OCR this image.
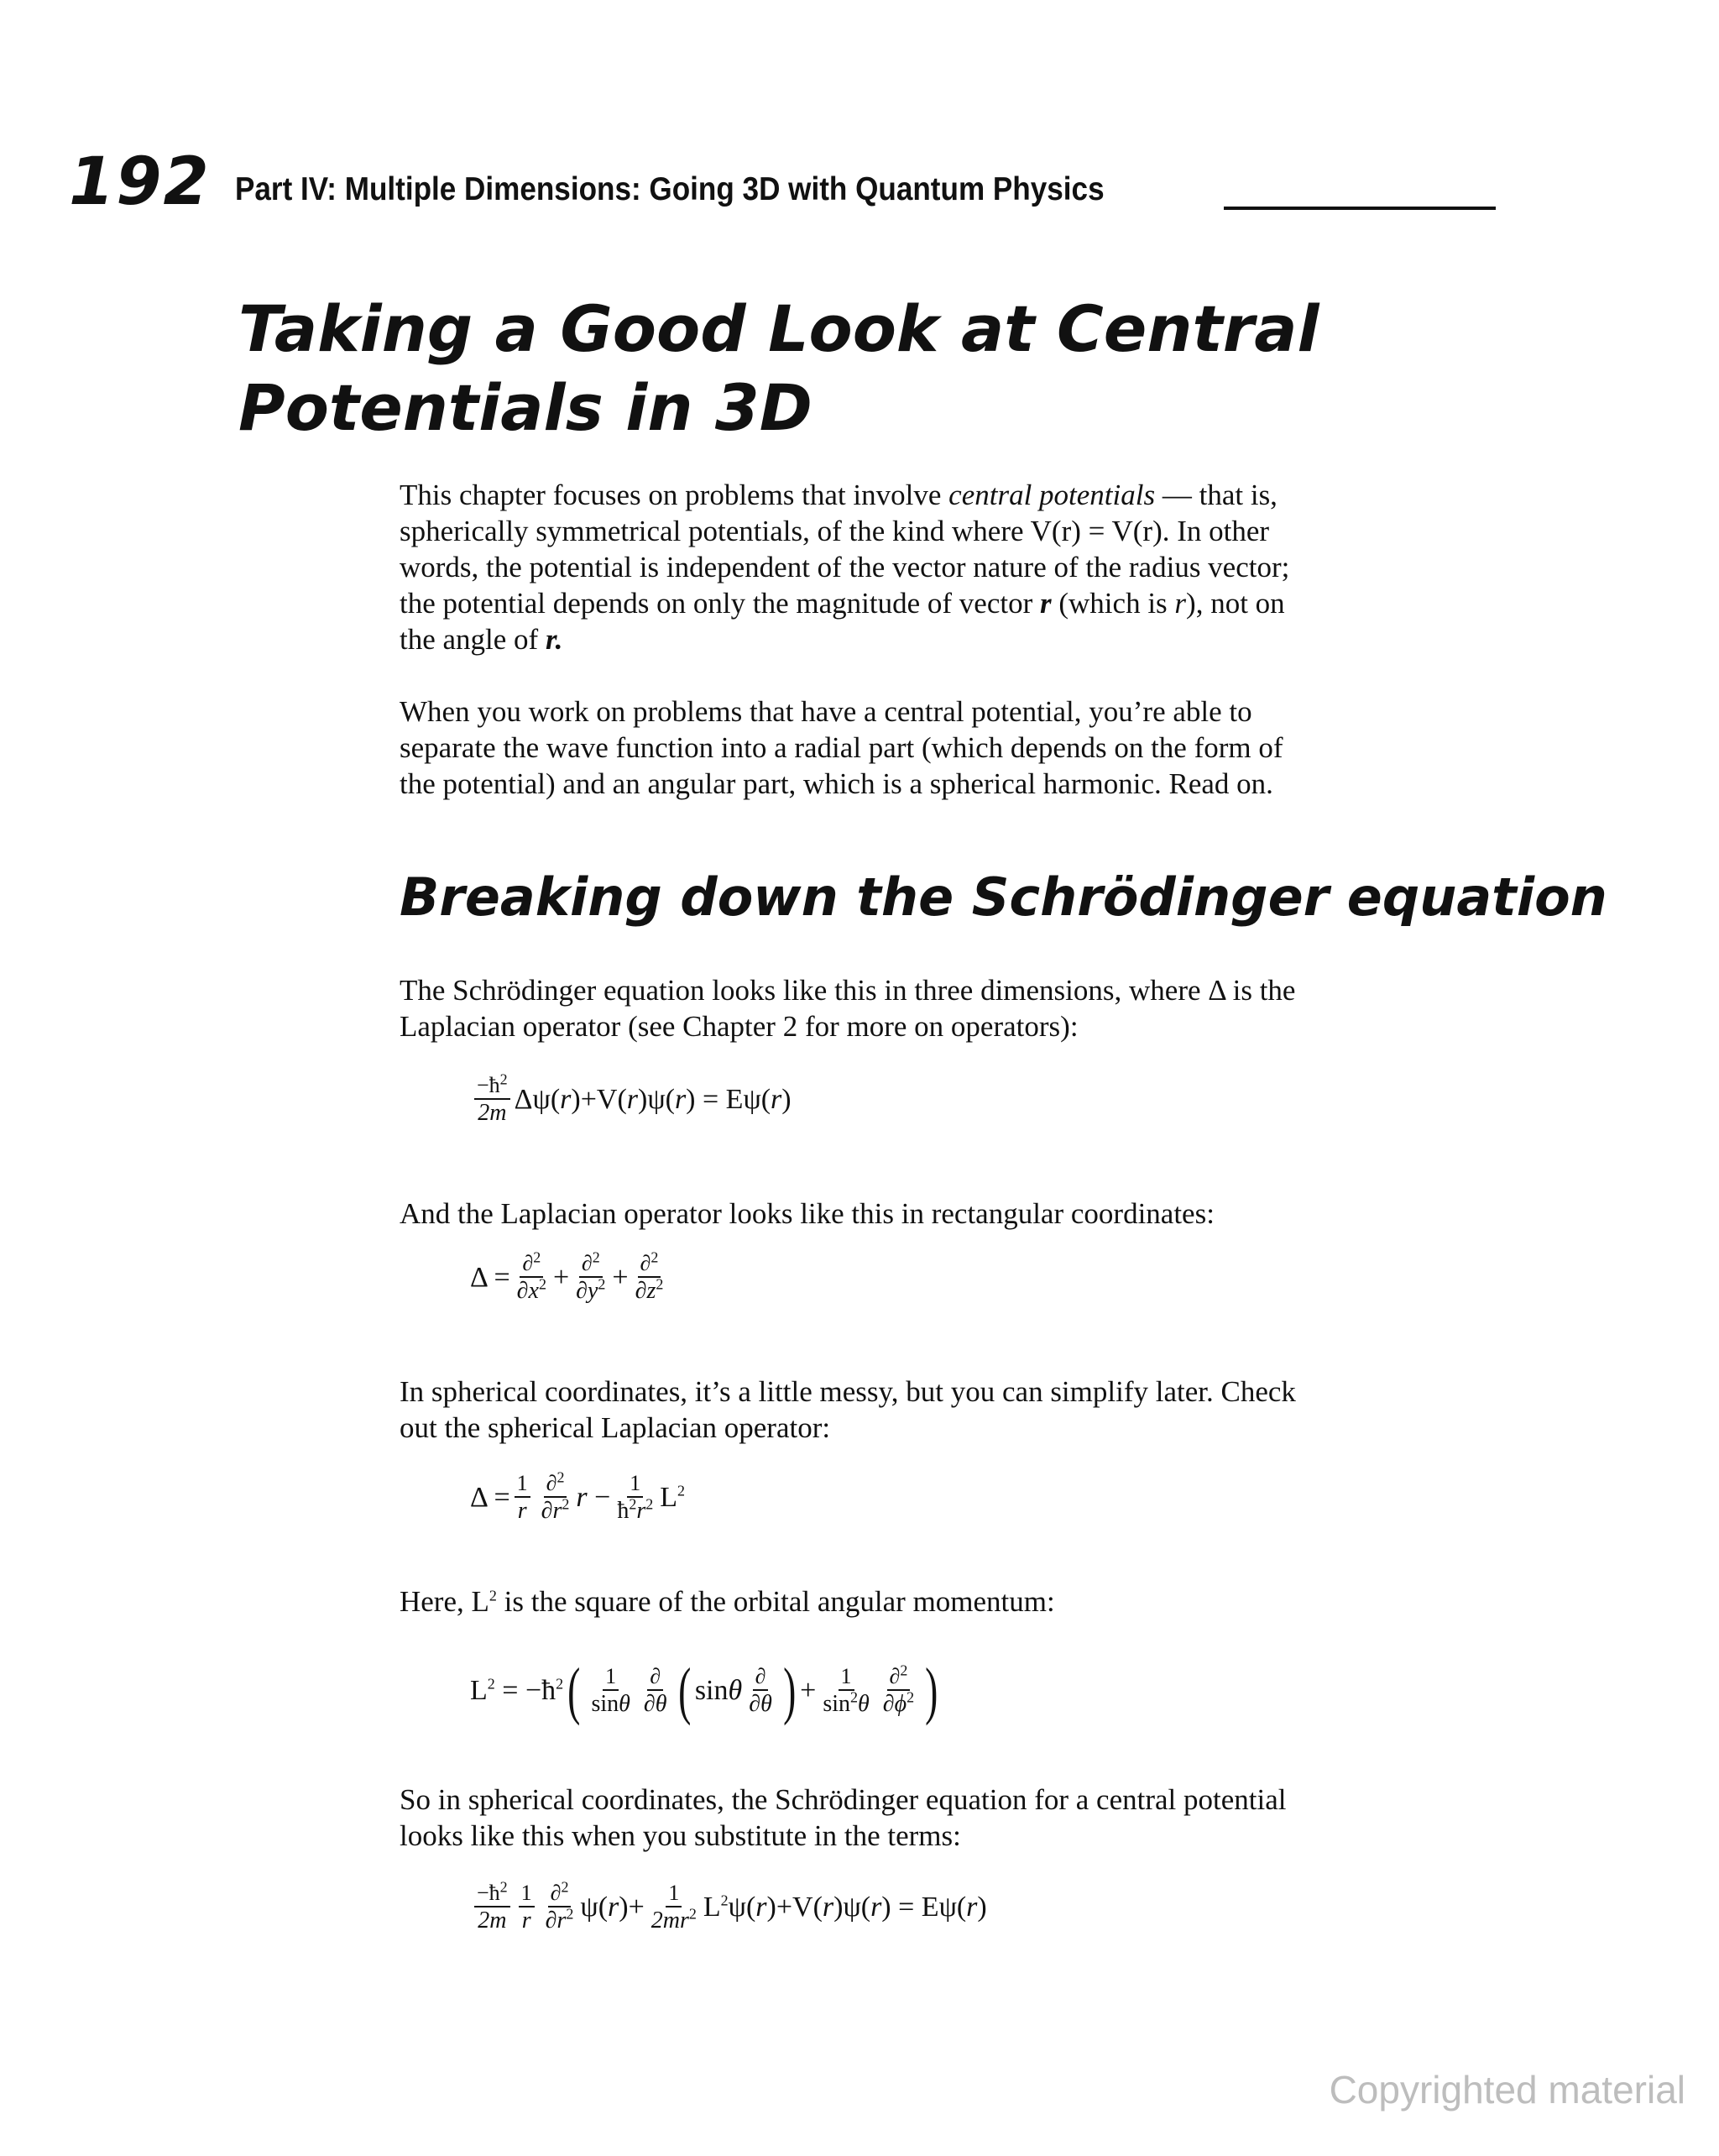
192 Part IV: Multiple Dimensions: Going 3D with Quantum Physics
Taking a Good Look at Central Potentials in 3D

This chapter focuses on problems that involve central potentials — that is,
spherically symmetrical potentials, of the kind where V(r) = V(r). In other
words, the potential is independent of the vector nature of the radius vector;
the potential depends on only the magnitude of vector r (which is r), not on
the angle of r.

When you work on problems that have a central potential, you’re able to
separate the wave function into a radial part (which depends on the form of
the potential) and an angular part, which is a spherical harmonic. Read on.

Breaking down the Schrödinger equation

The Schrödinger equation looks like this in three dimensions, where Δ is the
Laplacian operator (see Chapter 2 for more on operators):

$\frac{-ħ^2}{2m} \Delta\psi$( r )+V( r )ψ( r ) = Eψ( r )

And the Laplacian operator looks like this in rectangular coordinates:

$\Delta = \frac{\partial^2}{\partial x^2} + \frac{\partial^2}{\partial y^2} + \frac{\partial^2}{\partial z^2}$

In spherical coordinates, it’s a little messy, but you can simplify later. Check
out the spherical Laplacian operator:

$\Delta = \frac{1}{r} \frac{\partial^2}{\partial r^2}$ $r - \frac{1}{ħ^2r^2} L^2$

Here, $L^2$ is the square of the orbital angular momentum:

$L^2$ = $-ħ^2$ ( $\frac{1}{\sin\theta} \frac{\partial}{\partial\theta}$ ( sinθ $\frac{\partial}{\partial\theta}$ ) + $\frac{1}{\sin^2\theta} \frac{\partial^2}{\partial\phi^2}$ )

So in spherical coordinates, the Schrödinger equation for a central potential
looks like this when you substitute in the terms:

$\frac{-ħ^2}{2m} \frac{1}{r} \frac{\partial^2}{\partial r^2} \psi$( r )+ $\frac{1}{2mr^2} L^2\psi$( r )+V( r )ψ( r ) = Eψ( r )
Copyrighted material
